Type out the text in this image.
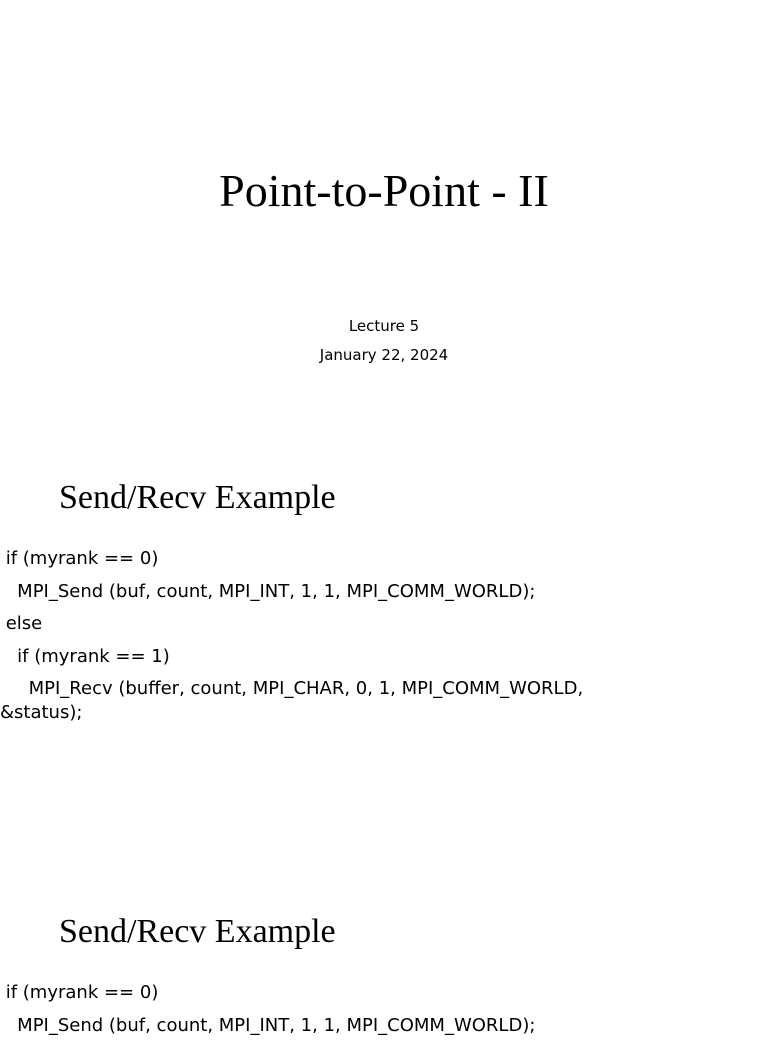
Point-to-Point - II
Lecture 5
January 22, 2024
Send/Recv Example
if (myrank == 0)
MPI_Send (buf, count, MPI_INT, 1, 1, MPI_COMM_WORLD);
else
if (myrank == 1)
MPI_Recv (buffer, count, MPI_CHAR, 0, 1, MPI_COMM_WORLD,
&status);
Send/Recv Example
if (myrank == 0)
MPI_Send (buf, count, MPI_INT, 1, 1, MPI_COMM_WORLD);
